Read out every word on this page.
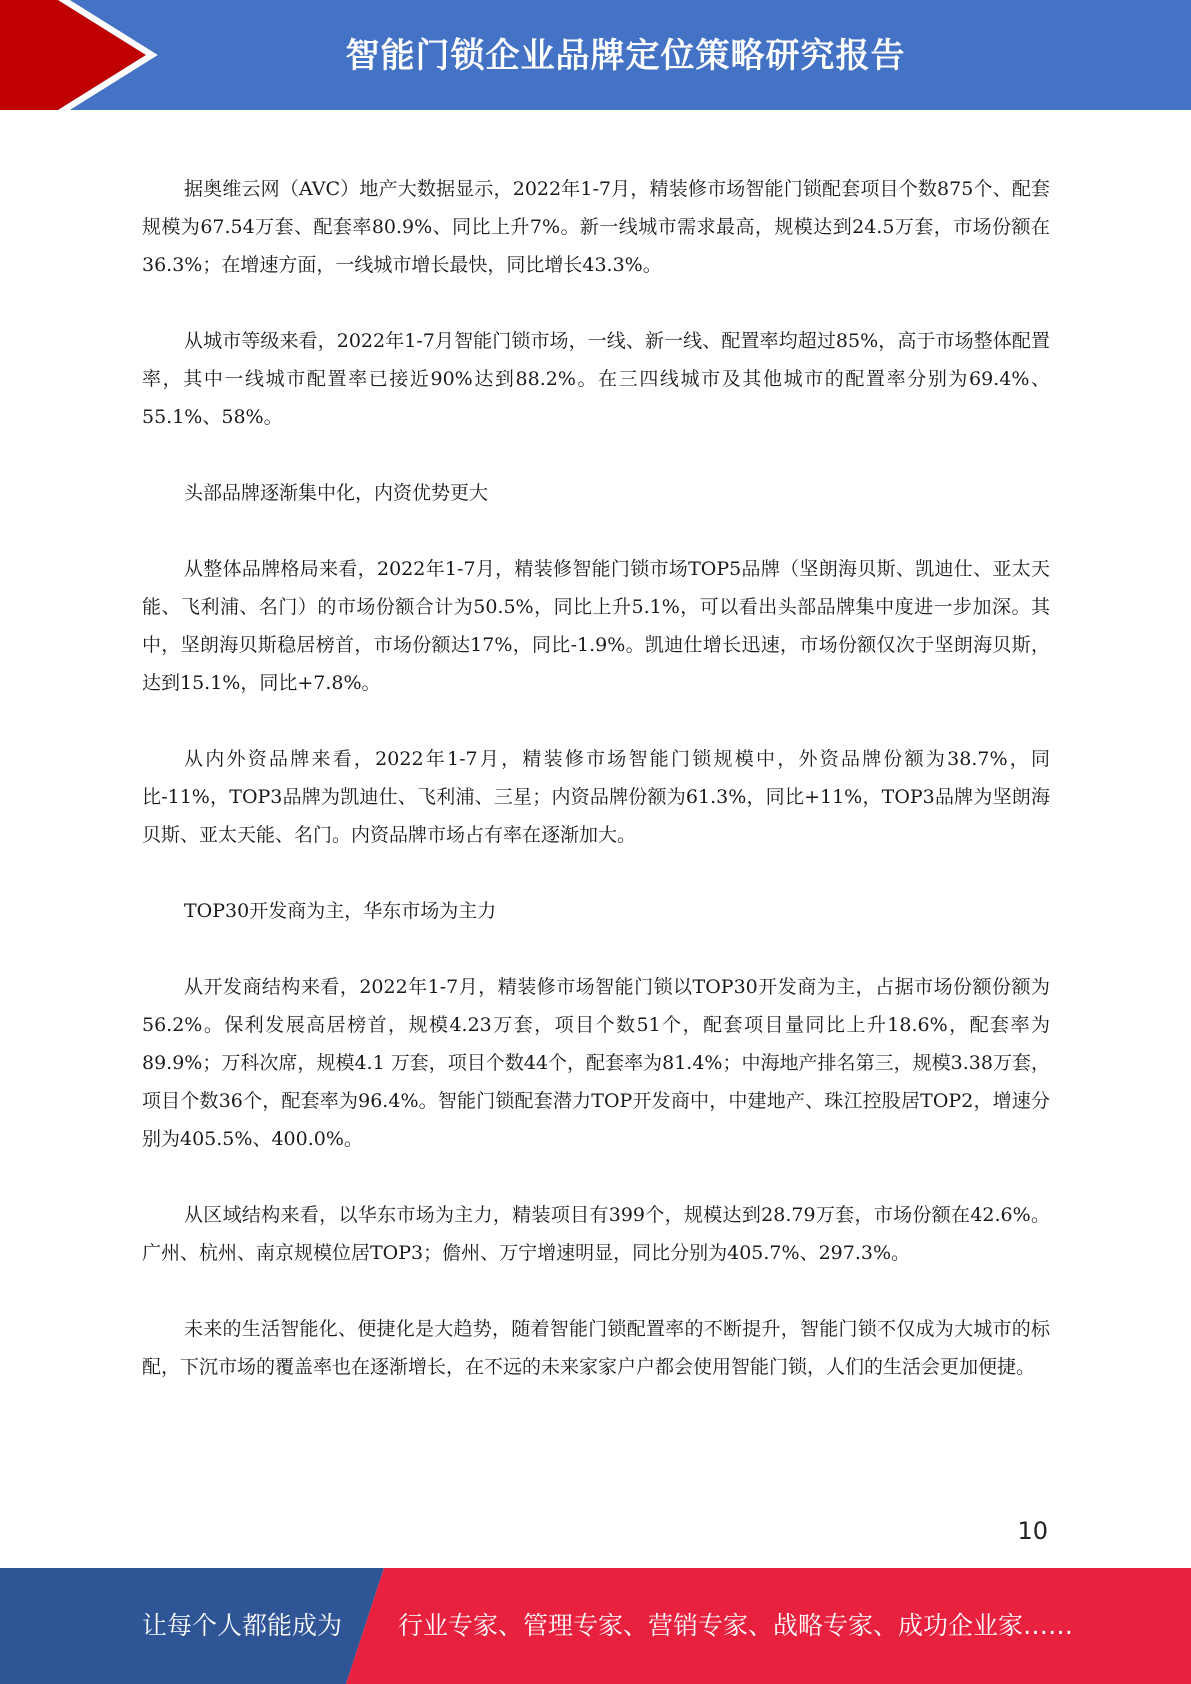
智能门锁企业品牌定位策略研究报告

据奥维云网（AVC）地产大数据显示，2022年1-7月，精装修市场智能门锁配套项目个数875个、配套规模为67.54万套、配套率80.9%、同比上升7%。新一线城市需求最高，规模达到24.5万套，市场份额在36.3%；在增速方面，一线城市增长最快，同比增长43.3%。

从城市等级来看，2022年1-7月智能门锁市场，一线、新一线、配置率均超过85%，高于市场整体配置率，其中一线城市配置率已接近90%达到88.2%。在三四线城市及其他城市的配置率分别为69.4%、55.1%、58%。

头部品牌逐渐集中化，内资优势更大

从整体品牌格局来看，2022年1-7月，精装修智能门锁市场TOP5品牌（坚朗海贝斯、凯迪仕、亚太天能、飞利浦、名门）的市场份额合计为50.5%，同比上升5.1%，可以看出头部品牌集中度进一步加深。其中，坚朗海贝斯稳居榜首，市场份额达17%，同比-1.9%。凯迪仕增长迅速，市场份额仅次于坚朗海贝斯，达到15.1%，同比+7.8%。

从内外资品牌来看，2022年1-7月，精装修市场智能门锁规模中，外资品牌份额为38.7%，同比-11%，TOP3品牌为凯迪仕、飞利浦、三星；内资品牌份额为61.3%，同比+11%，TOP3品牌为坚朗海贝斯、亚太天能、名门。内资品牌市场占有率在逐渐加大。

TOP30开发商为主，华东市场为主力

从开发商结构来看，2022年1-7月，精装修市场智能门锁以TOP30开发商为主，占据市场份额份额为56.2%。保利发展高居榜首，规模4.23万套，项目个数51个，配套项目量同比上升18.6%，配套率为89.9%；万科次席，规模4.1 万套，项目个数44个，配套率为81.4%；中海地产排名第三，规模3.38万套，项目个数36个，配套率为96.4%。智能门锁配套潜力TOP开发商中，中建地产、珠江控股居TOP2，增速分别为405.5%、400.0%。

从区域结构来看，以华东市场为主力，精装项目有399个，规模达到28.79万套，市场份额在42.6%。广州、杭州、南京规模位居TOP3；儋州、万宁增速明显，同比分别为405.7%、297.3%。

未来的生活智能化、便捷化是大趋势，随着智能门锁配置率的不断提升，智能门锁不仅成为大城市的标配，下沉市场的覆盖率也在逐渐增长，在不远的未来家家户户都会使用智能门锁，人们的生活会更加便捷。

10
让每个人都能成为 行业专家、管理专家、营销专家、战略专家、成功企业家……
